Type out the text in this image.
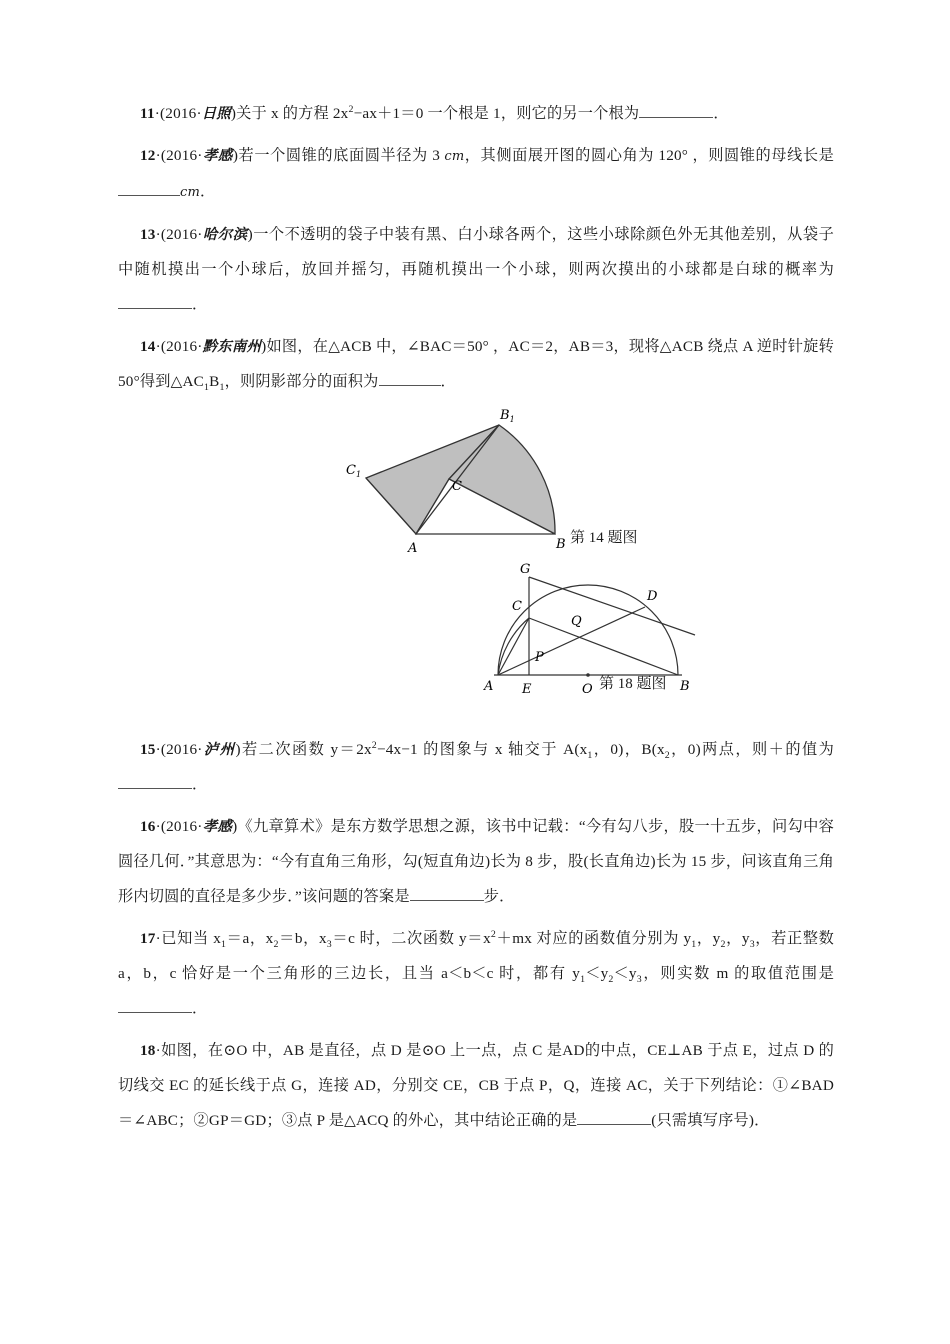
11·(2016·日照)关于 x 的方程 $2x^2-ax+1=0$ 一个根是 1，则它的另一个根为	．

12·(2016·孝感)若一个圆锥的底面圆半径为 3 cm，其侧面展开图的圆心角为 120° ，则圆锥的母线长是cm．

13·(2016·哈尔滨)一个不透明的袋子中装有黑、白小球各两个，这些小球除颜色外无其他差别，从袋子中随机摸出一个小球后，放回并摇匀，再随机摸出一个小球，则两次摸出的小球都是白球的概率为．

14·(2016·黔东南州)如图，在△ACB 中，∠BAC＝50° ，AC＝2，AB＝3，现将△ACB 绕点 A 逆时针旋转 50°得到$\triangle AC_1B_1$，则阴影部分的面积为	．

$B_1$
$C_1$
C
A	B 第 14 题图
G
C
D
Q
P
A E	O	B
第 18 题图

15·(2016·泸州)若二次函数 $y=2x^2-4x-1$ 的图象与 x 轴交于 $A(x_1$，0)，$B(x_2$，0)两点，则＋的值为．

16·(2016·孝感)《九章算术》是东方数学思想之源，该书中记载：“今有勾八步，股一十五步，问勾中容圆径几何．”其意思为：“今有直角三角形，勾(短直角边)长为 8 步，股(长直角边)长为 15 步，问该直角三角形内切圆的直径是多少步．”该问题的答案是	步．

17·已知当 $x_1=a$，$x_2=b$，$x_3=c$ 时，二次函数 $y=x^2+mx$ 对应的函数值分别为 $y_1$，$y_2$，$y_3$，若正整数 a，b，c 恰好是一个三角形的三边长，且当 a＜b＜c 时，都有 $y_1<y_2<y_3$，则实数 m 的取值范围是．

18·如图，在⊙O 中，AB 是直径，点 D 是⊙O 上一点，点 C 是AD的中点，CE⊥AB 于点 E，过点 D 的切线交 EC 的延长线于点 G，连接 AD，分别交 CE，CB 于点 P，Q，连接 AC，关于下列结论：①∠BAD＝∠ABC；②GP＝GD；③点 P 是△ACQ 的外心，其中结论正确的是	(只需填写序号)．
